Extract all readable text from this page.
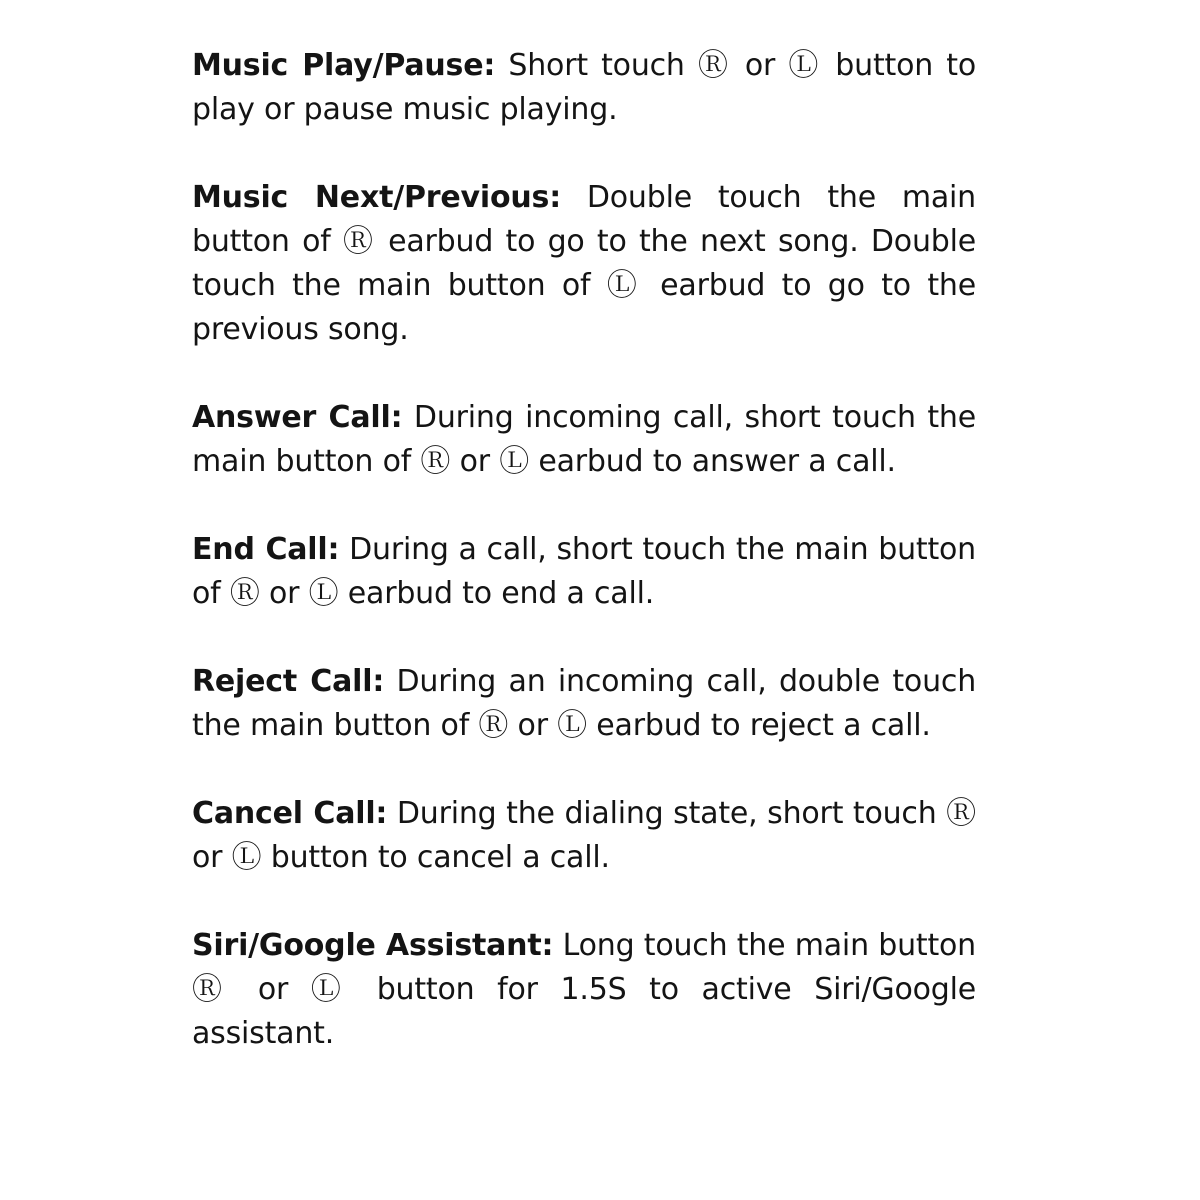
Music Play/Pause: Short touch Ⓡ or Ⓛ button to play or pause music playing.

Music Next/Previous: Double touch the main button of Ⓡ earbud to go to the next song. Double touch the main button of Ⓛ earbud to go to the previous song.

Answer Call: During incoming call, short touch the main button of Ⓡ or Ⓛ earbud to answer a call.

End Call: During a call, short touch the main button of Ⓡ or Ⓛ earbud to end a call.

Reject Call: During an incoming call, double touch the main button of Ⓡ or Ⓛ earbud to reject a call.

Cancel Call: During the dialing state, short touch Ⓡ or Ⓛ button to cancel a call.

Siri/Google Assistant: Long touch the main button Ⓡ or Ⓛ button for 1.5S to active Siri/Google assistant.
